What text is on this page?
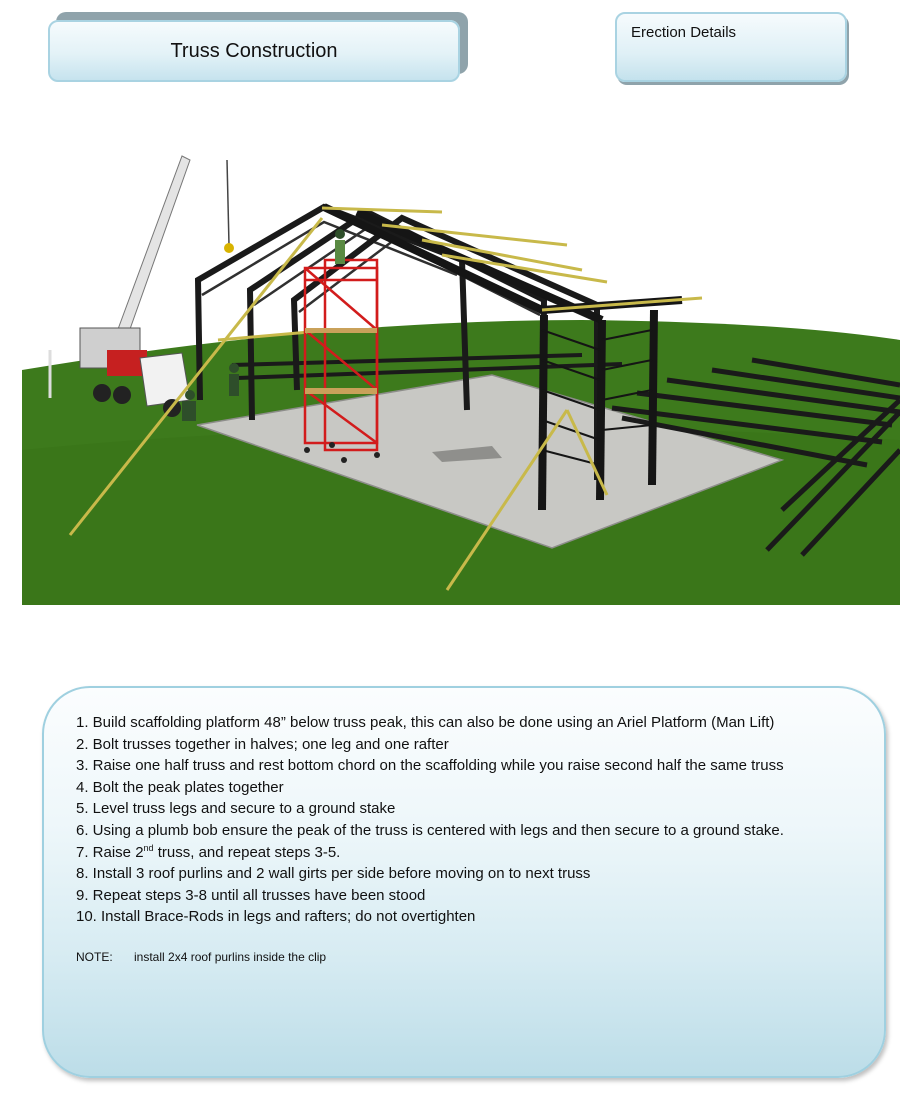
Truss Construction
Erection Details
1. Build scaffolding platform 48” below truss peak, this can also be done using an Ariel Platform (Man Lift)
2. Bolt trusses together in halves; one leg and one rafter
3. Raise one half truss and rest bottom chord on the scaffolding while you raise second half the same truss
4. Bolt the peak plates together
5. Level truss legs and secure to a ground stake
6. Using a plumb bob ensure the peak of the truss is centered with legs and then secure to a ground stake.
7. Raise 2nd truss, and repeat steps 3-5.
8. Install 3 roof purlins and 2 wall girts per side before moving on to next truss
9. Repeat steps 3-8 until all trusses have been stood
10. Install Brace-Rods in legs and rafters; do not overtighten
NOTE: install 2x4 roof purlins inside the clip
